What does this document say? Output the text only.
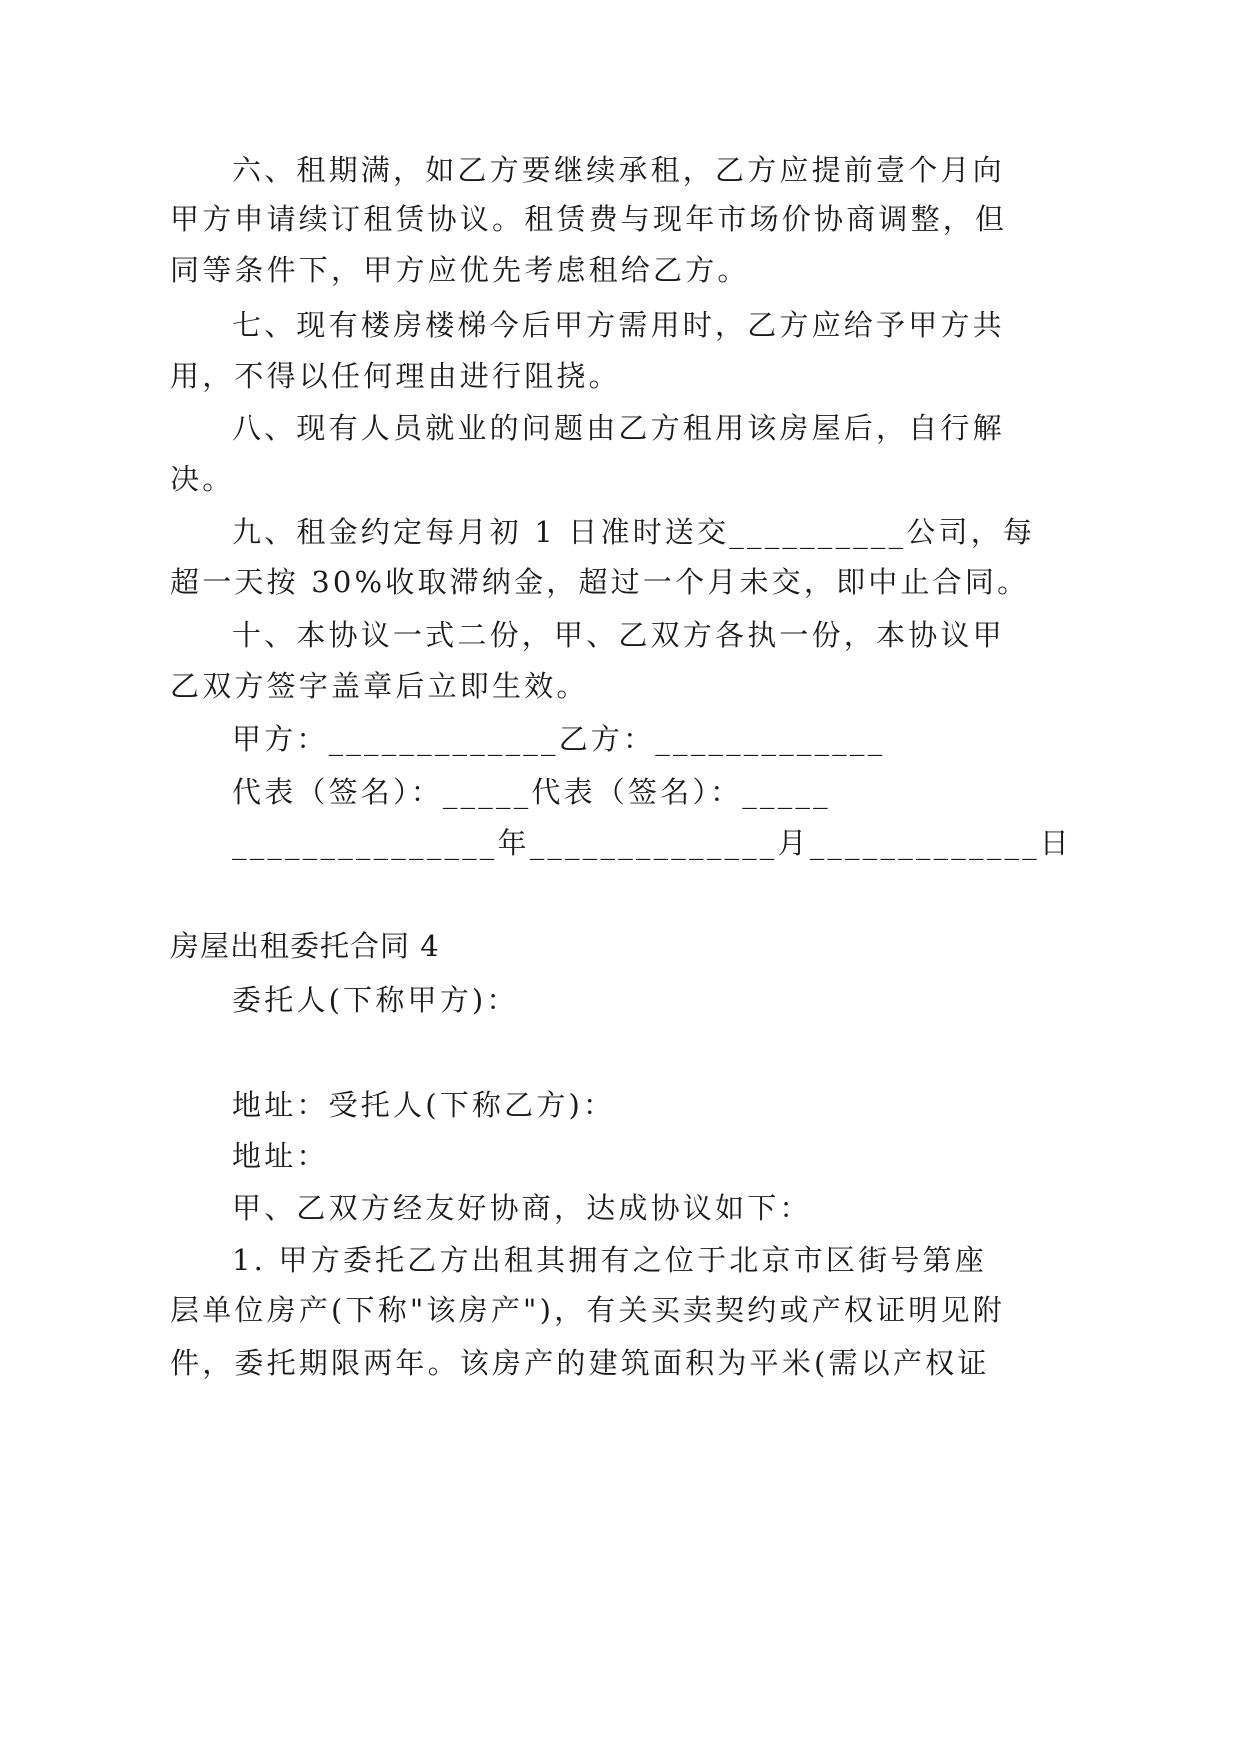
六、租期满，如乙方要继续承租，乙方应提前壹个月向
甲方申请续订租赁协议。租赁费与现年市场价协商调整，但
同等条件下，甲方应优先考虑租给乙方。
七、现有楼房楼梯今后甲方需用时，乙方应给予甲方共
用，不得以任何理由进行阻挠。
八、现有人员就业的问题由乙方租用该房屋后，自行解
决。
九、租金约定每月初 1 日准时送交__________公司，每
超一天按 30%收取滞纳金，超过一个月未交，即中止合同。
十、本协议一式二份，甲、乙双方各执一份，本协议甲
乙双方签字盖章后立即生效。
甲方：_____________乙方：_____________
代表（签名）：_____代表（签名）：_____
_______________年______________月_____________日
房屋出租委托合同 4
委托人(下称甲方)：
地址：受托人(下称乙方)：
地址：
甲、乙双方经友好协商，达成协议如下：
1. 甲方委托乙方出租其拥有之位于北京市区街号第座
层单位房产(下称"该房产")，有关买卖契约或产权证明见附
件，委托期限两年。该房产的建筑面积为平米(需以产权证
